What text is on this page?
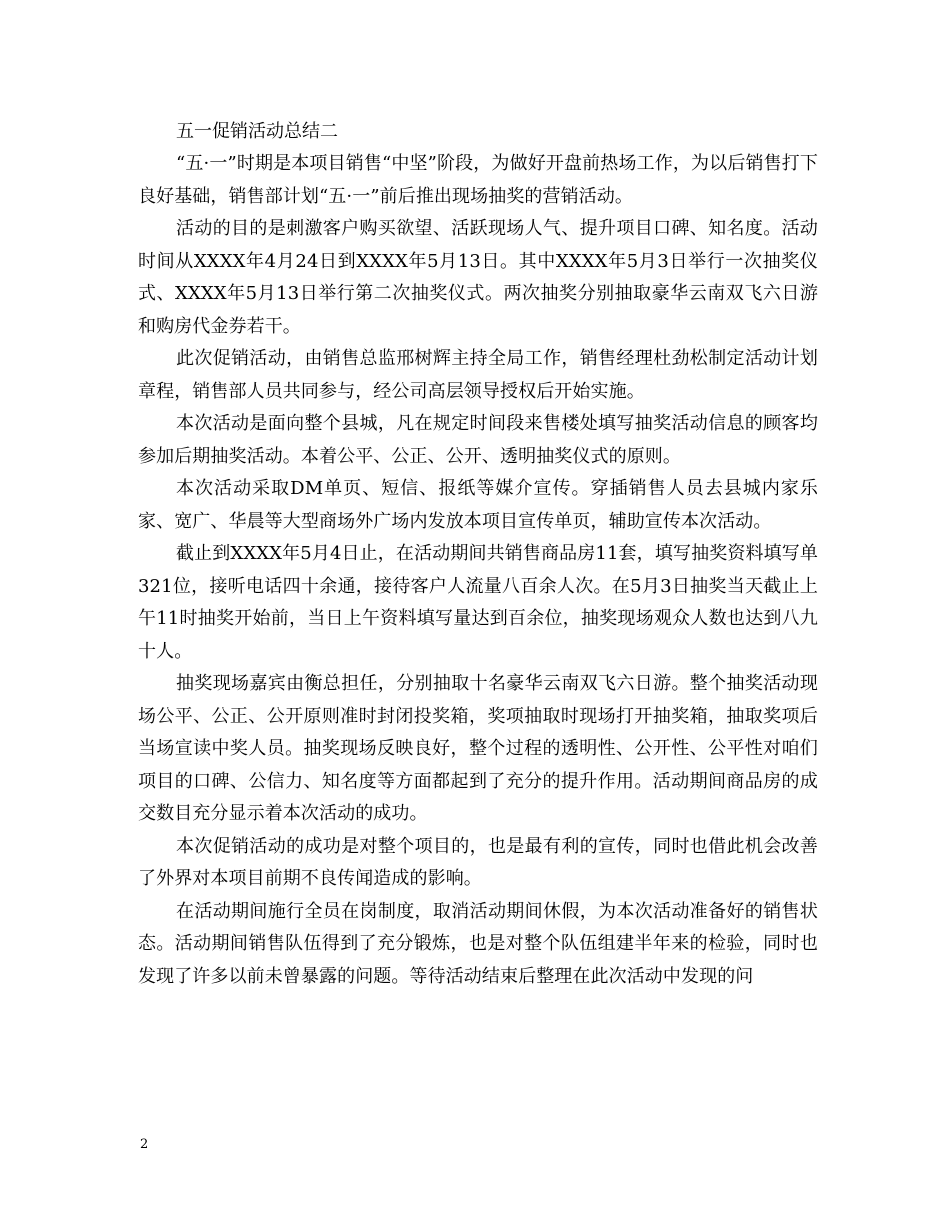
五一促销活动总结二

“五·一”时期是本项目销售“中坚”阶段，为做好开盘前热场工作，为以后销售打下良好基础，销售部计划“五·一”前后推出现场抽奖的营销活动。

活动的目的是刺激客户购买欲望、活跃现场人气、提升项目口碑、知名度。活动时间从XXXX年4月24日到XXXX年5月13日。其中XXXX年5月3日举行一次抽奖仪式、XXXX年5月13日举行第二次抽奖仪式。两次抽奖分别抽取豪华云南双飞六日游和购房代金券若干。

此次促销活动，由销售总监邢树辉主持全局工作，销售经理杜劲松制定活动计划章程，销售部人员共同参与，经公司高层领导授权后开始实施。

本次活动是面向整个县城，凡在规定时间段来售楼处填写抽奖活动信息的顾客均参加后期抽奖活动。本着公平、公正、公开、透明抽奖仪式的原则。

本次活动采取DM单页、短信、报纸等媒介宣传。穿插销售人员去县城内家乐家、宽广、华晨等大型商场外广场内发放本项目宣传单页，辅助宣传本次活动。

截止到XXXX年5月4日止，在活动期间共销售商品房11套，填写抽奖资料填写单321位，接听电话四十余通，接待客户人流量八百余人次。在5月3日抽奖当天截止上午11时抽奖开始前，当日上午资料填写量达到百余位，抽奖现场观众人数也达到八九十人。

抽奖现场嘉宾由衡总担任，分别抽取十名豪华云南双飞六日游。整个抽奖活动现场公平、公正、公开原则准时封闭投奖箱，奖项抽取时现场打开抽奖箱，抽取奖项后当场宣读中奖人员。抽奖现场反映良好，整个过程的透明性、公开性、公平性对咱们项目的口碑、公信力、知名度等方面都起到了充分的提升作用。活动期间商品房的成交数目充分显示着本次活动的成功。

本次促销活动的成功是对整个项目的，也是最有利的宣传，同时也借此机会改善了外界对本项目前期不良传闻造成的影响。

在活动期间施行全员在岗制度，取消活动期间休假，为本次活动准备好的销售状态。活动期间销售队伍得到了充分锻炼，也是对整个队伍组建半年来的检验，同时也发现了许多以前未曾暴露的问题。等待活动结束后整理在此次活动中发现的问

2
